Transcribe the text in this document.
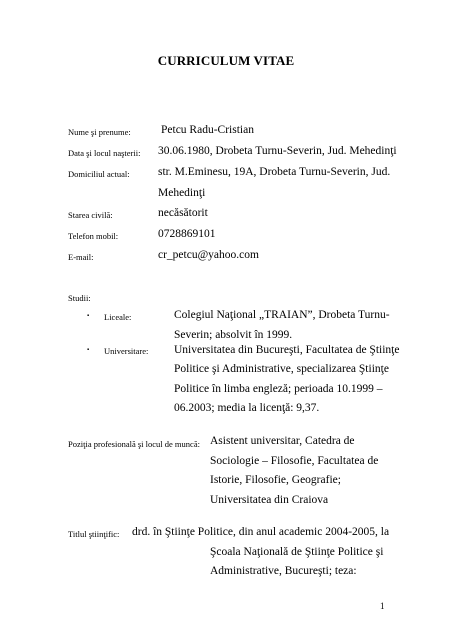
CURRICULUM VITAE
Nume şi prenume:	Petcu Radu-Cristian
Data şi locul naşterii: 30.06.1980, Drobeta Turnu-Severin, Jud. Mehedinţi
Domiciliul actual: str. M.Eminesu, 19A, Drobeta Turnu-Severin, Jud.
Mehedinţi
Starea civilă:	necăsătorit
Telefon mobil:	0728869101
E-mail:	cr_petcu@yahoo.com
Studii:
▪ Liceale:	Colegiul Naţional „TRAIAN”, Drobeta Turnu-
Severin; absolvit în 1999.
▪ Universitare: Universitatea din Bucureşti, Facultatea de Ştiinţe
Politice şi Administrative, specializarea Ştiinţe
Politice în limba engleză; perioada 10.1999 –
06.2003; media la licenţă: 9,37.
Poziţia profesională şi locul de muncă: Asistent universitar, Catedra de
Sociologie – Filosofie, Facultatea de
Istorie, Filosofie, Geografie;
Universitatea din Craiova
Titlul ştiinţific: drd. în Ştiinţe Politice, din anul academic 2004-2005, la
Şcoala Naţională de Ştiinţe Politice şi
Administrative, Bucureşti; teza:
1
